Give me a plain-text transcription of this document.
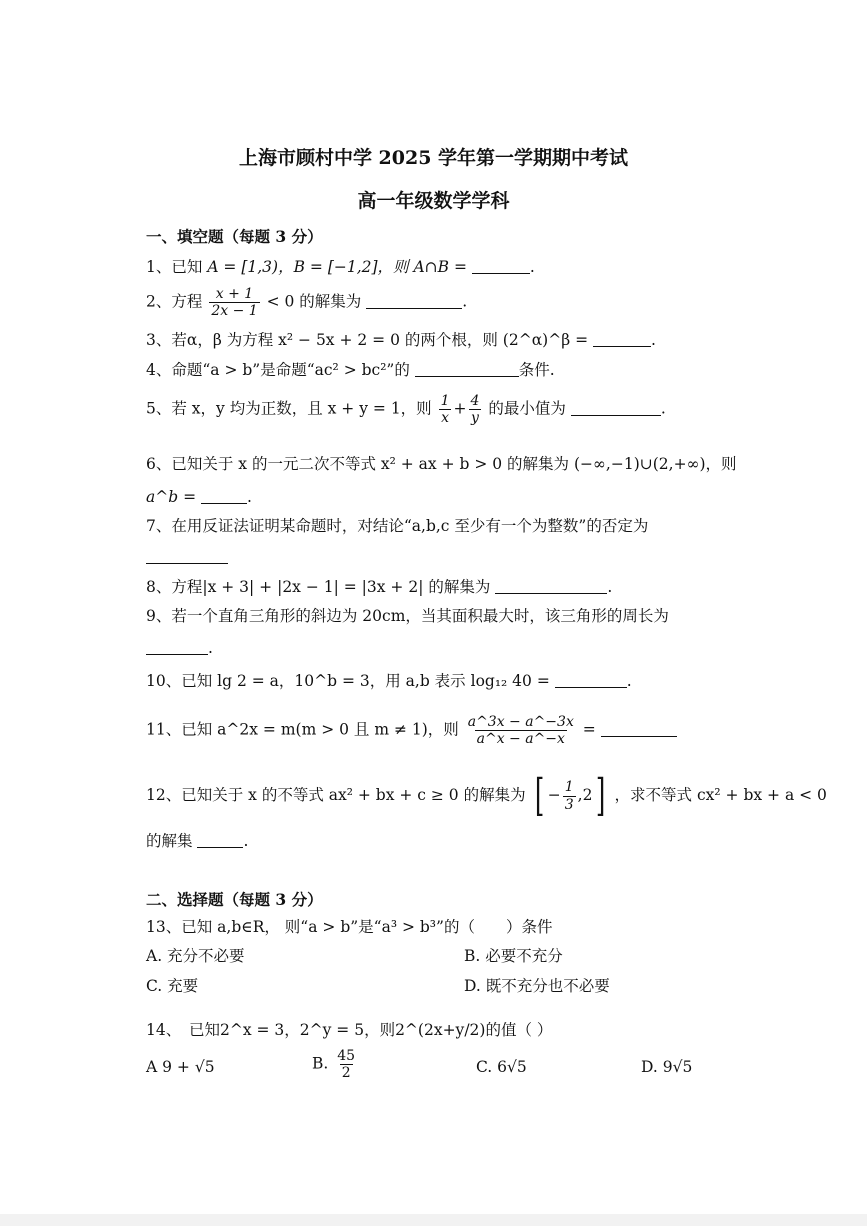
上海市顾村中学 2025 学年第一学期期中考试
高一年级数学学科
一、填空题（每题 3 分）
1、已知 A = [1,3)，B = [−1,2]，则 A∩B =	.
2、方程 $\frac{x + 1}{2x - 1} < 0$ 的解集为	.
3、若α，β 为方程 x² − 5x + 2 = 0 的两个根，则 (2^α)^β =	.
4、命题“a > b”是命题“ac² > bc²”的	条件.
5、若 x，y 均为正数，且 x + y = 1，则 $\frac{1}{x} + \frac{4}{y}$ 的最小值为	.
6、已知关于 x 的一元二次不等式 x² + ax + b > 0 的解集为 (−∞,−1)∪(2,+∞)，则
a^b =	.
7、在用反证法证明某命题时，对结论“a,b,c 至少有一个为整数”的否定为
8、方程|x + 3| + |2x − 1| = |3x + 2| 的解集为	.
9、若一个直角三角形的斜边为 20cm，当其面积最大时，该三角形的周长为
.
10、已知 lg 2 = a，10^b = 3，用 a,b 表示 log₁₂ 40 =	.
11、已知 a^2x = m(m > 0 且 m ≠ 1)，则 $\frac{a\^{}3x - a\^{}-3x}{a\^{}x - a\^{}-x}$ =
12、已知关于 x 的不等式 ax² + bx + c ≥ 0 的解集为 [ − $\frac{1}{3} ,2$] ，求不等式 cx² + bx + a < 0
的解集	.
二、选择题（每题 3 分）
13、已知 a,b∈R， 则“a > b”是“a³ > b³”的（　　）条件
A. 充分不必要	B. 必要不充分
C. 充要	D. 既不充分也不必要
14、　已知2^x = 3，2^y = 5，则2^(2x+y/2)的值（ ）
A 9 + √5	B. $\frac{45}{2}$	C. 6√5	D. 9√5
